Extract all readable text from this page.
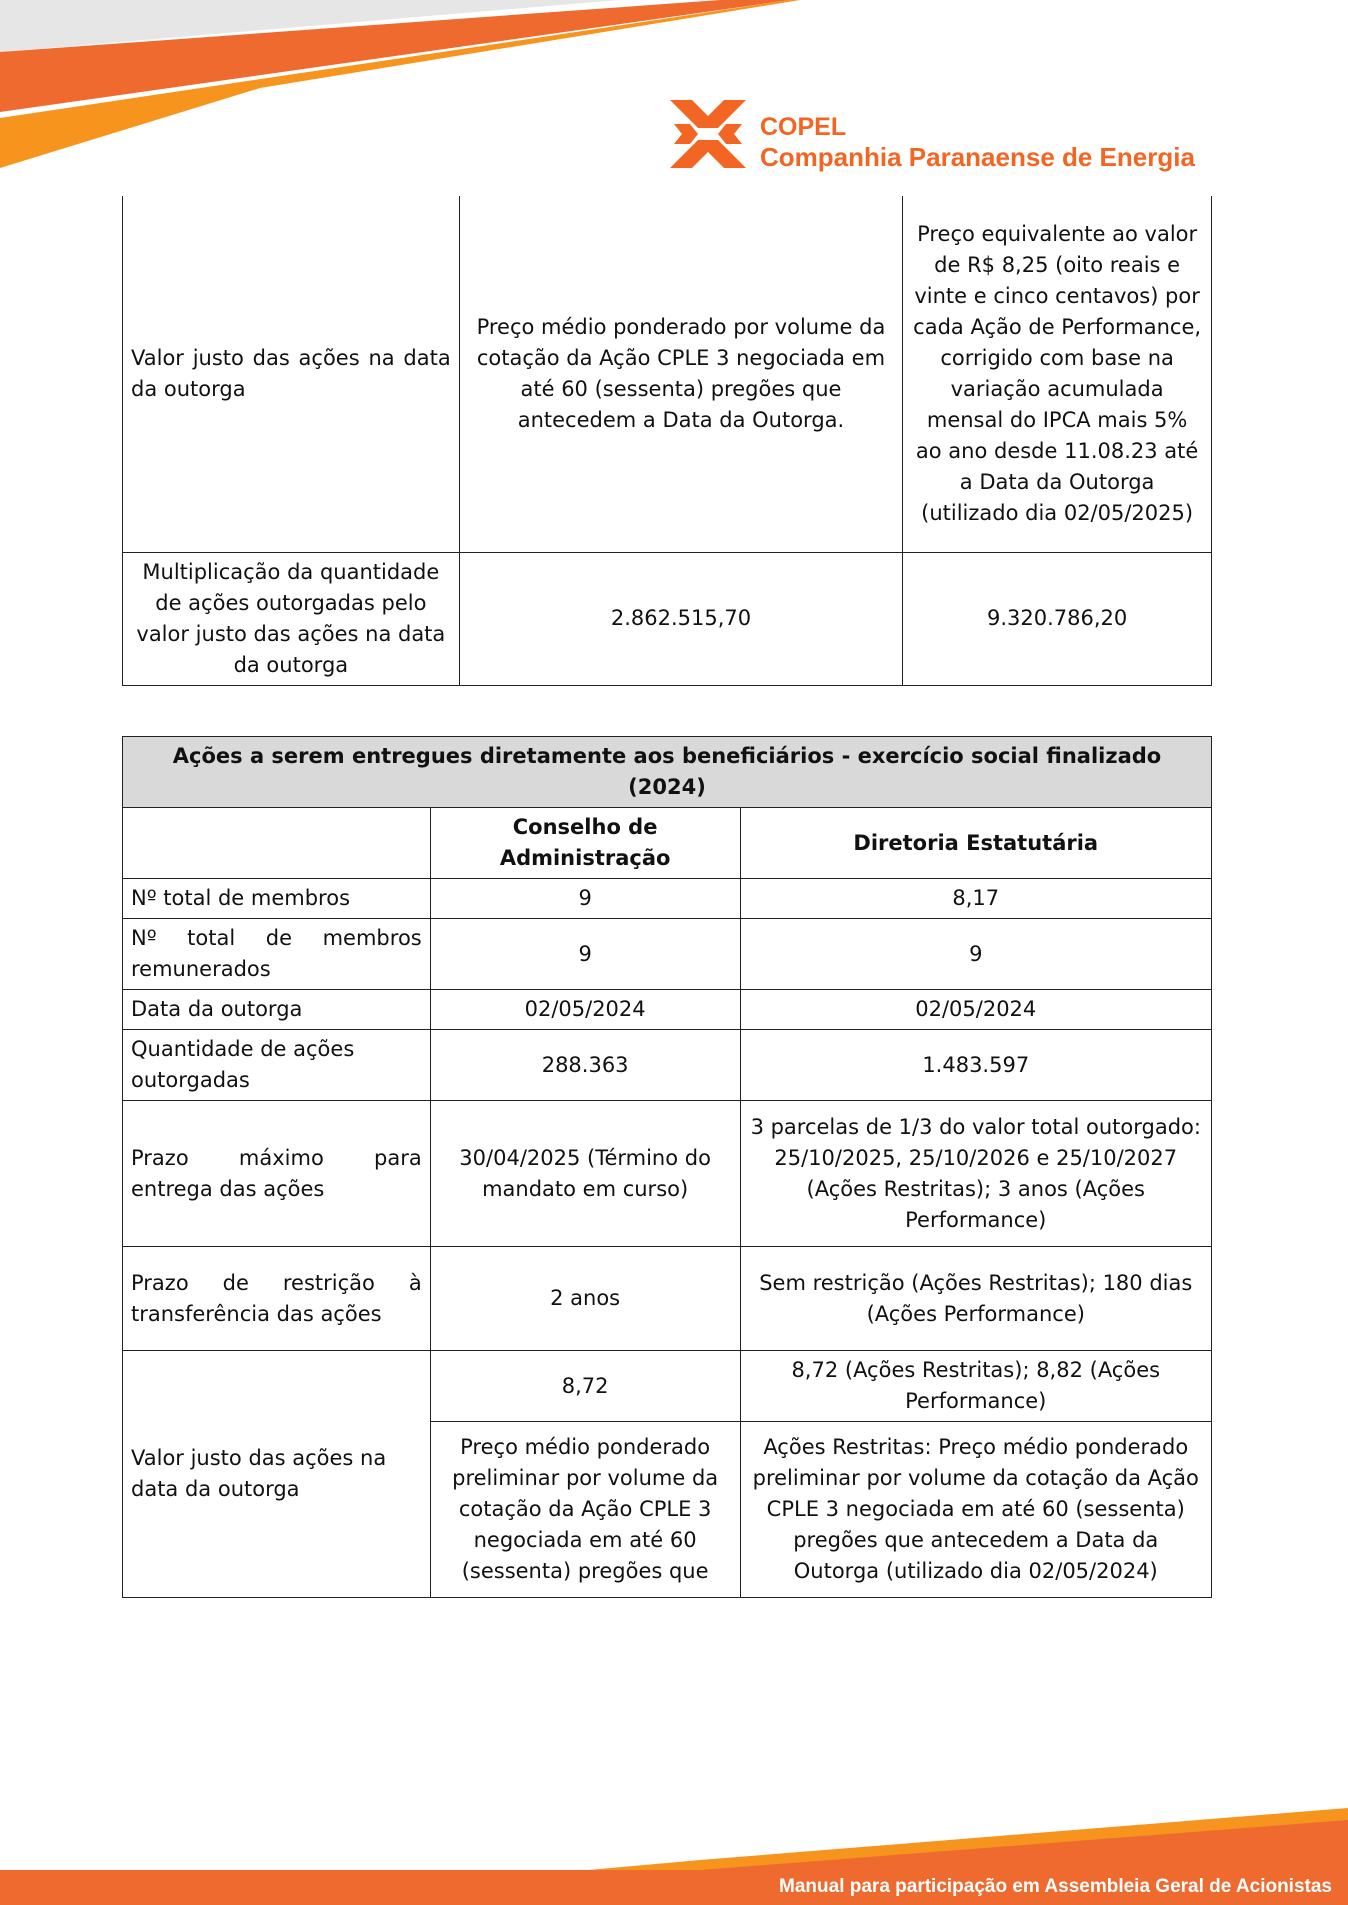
COPEL
Companhia Paranaense de Energia
Valor justo das ações na data da outorga	Preço médio ponderado por volume da cotação da Ação CPLE 3 negociada em até 60 (sessenta) pregões que antecedem a Data da Outorga.	Preço equivalente ao valor de R$ 8,25 (oito reais e vinte e cinco centavos) por cada Ação de Performance, corrigido com base na variação acumulada mensal do IPCA mais 5% ao ano desde 11.08.23 até a Data da Outorga (utilizado dia 02/05/2025)
Multiplicação da quantidade de ações outorgadas pelo valor justo das ações na data da outorga	2.862.515,70	9.320.786,20
Ações a serem entregues diretamente aos beneficiários - exercício social finalizado (2024)		
	Conselho de Administração	Diretoria Estatutária
Nº total de membros	9	8,17
Nº total de membros remunerados	9	9
Data da outorga	02/05/2024	02/05/2024
Quantidade de ações outorgadas	288.363	1.483.597
Prazo máximo para entrega das ações	30/04/2025 (Término do mandato em curso)	3 parcelas de 1/3 do valor total outorgado: 25/10/2025, 25/10/2026 e 25/10/2027 (Ações Restritas); 3 anos (Ações Performance)
Prazo de restrição à transferência das ações	2 anos	Sem restrição (Ações Restritas); 180 dias (Ações Performance)
Valor justo das ações na data da outorga	8,72	8,72 (Ações Restritas); 8,82 (Ações Performance)
	Preço médio ponderado preliminar por volume da cotação da Ação CPLE 3 negociada em até 60 (sessenta) pregões que	Ações Restritas: Preço médio ponderado preliminar por volume da cotação da Ação CPLE 3 negociada em até 60 (sessenta) pregões que antecedem a Data da Outorga (utilizado dia 02/05/2024)
Manual para participação em Assembleia Geral de Acionistas
